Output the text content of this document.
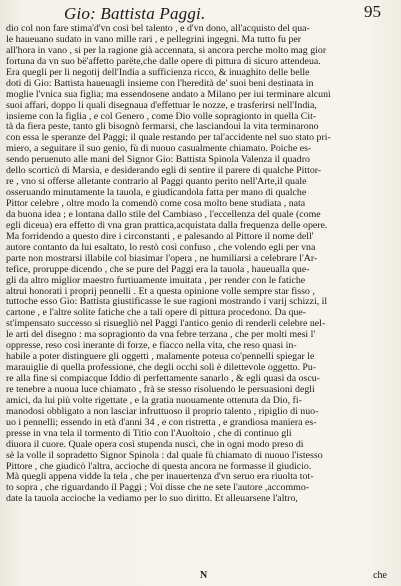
Gio: Battista Paggi.	95
dio col non fare stima'd'vn così bel talento , e d'vn dono, all'acquisto del qua-
le haueuano sudato in vano mille rari , e pellegrini ingegni. Ma tutto fu per
all'hora in vano , si per la ragione già accennata, si ancora perche molto mag gior
fortuna da vn suo bë'affetto parëte,che dalle opere di pittura di sicuro attendeua.
Era quegli per li negotij dell'India a sufficienza ricco, & inuaghito delle belle
doti di Gio: Battista haueuagli insieme con l'heredità de' suoi beni destinata in
moglie l'vnica sua figlia; ma essendosene andato a Milano per iui terminare alcunì
suoi affari, doppo li quali disegnaua d'effettuar le nozze, e trasferirsi nell'India,
insieme con la figlia , e col Genero , come Dio volle sopragionto in quella Cit-
tà da fiera peste, tanto gli bisognò fermarsi, che lasciandoui la vita terminarono
con essa le speranze del Paggi; il quale restando per tal'accidente nel suo stato pri-
miero, a seguitare il suo genio, fù di nuouo casualmente chiamato. Poiche es-
sendo peruenuto alle mani del Signor Gio: Battista Spinola Valenza il quadro
dello scorticò di Marsia, e desiderando egli di sentire il parere di qualche Pittor-
re , vno si offerse alletante contrario al Paggi quanto perito nell'Arte,il quale
osseruando minutamente la tauola, e giudicandola fatta per mano di qualche
Pittor celebre , oltre modo la comendò come cosa molto bene studiata , nata
da buona idea ; e lontana dallo stile del Cambiaso , l'eccellenza del quale (come
egli diceua) era effetto di vna gran prattica,acquistata dalla frequenza delle opere.
Ma forridendo a questo dire i circonstanti , e palesando al Pittore il nome dell'
autore contanto da lui esaltato, lo restò così confuso , che volendo egli per vna
parte non mostrarsi illabile col biasimar l'opera , ne humiliarsi a celebrare l'Ar-
tefice, proruppe dicendo , che se pure del Paggi era la tauola , haueualla que-
gli da altro miglior maestro furtiuamente imuitata , per render con le fatiche
altrui honorati i proprij pennelli . Et a questa opinione volle sempre star fisso ,
tuttoche esso Gio: Battista giustificasse le sue ragioni mostrando i varij schizzi, il
cartone , e l'altre solite fatiche che a tali opere di pittura procedono. Da que-
st'impensato successo si risuegliò nel Paggi l'antico genio di renderli celebre nel-
le arti del disegno : ma sopragionto da vna febre terzana , che per molti mesi l'
oppresse, reso così inerante di forze, e fiacco nella vita, che reso quasi in-
habile a poter distinguere gli oggetti , malamente poteua co'pennelli spiegar le
marauiglie di quella professione, che degli occhi solì è dilettevole oggetto. Pu-
re alla fine si compiacque Iddio di perfettamente sanarlo , & egli quasi da oscu-
re tenebre a nuoua luce chiamato , frà se stesso risoluendo le persuasioni degli
amici, da lui più volte rigettate , e la gratia nuouamente ottenuta da Dio, fi-
manodosi obbligato a non lasciar infruttuoso il proprio talento , ripiglio di nuo-
uo i pennelli; essendo in età d'anni 34 , e con ristretta , e grandiosa maniera es-
presse in vna tela il tormento di Titio con l'Auoltoio , che di continuo gli
diuora il cuore. Quale opera così stupenda nuscì, che in ogni modo preso di
sè la volle il sopradetto Signor Spinola : dal quale fù chiamato di nuouo l'istesso
Pittore , che giudicò l'altra, accioche di questa ancora ne formasse il giudicio.
Mà quegli appena vidde la tela , che per inauertenza d'vn seruo era riuolta tot-
to sopra , che riguardando il Paggi ; Voi disse che ne sete l'autore ,accommo-
date la tauola accioche la vediamo per lo suo diritto. Et alleuarsene l'altro,
N	che
